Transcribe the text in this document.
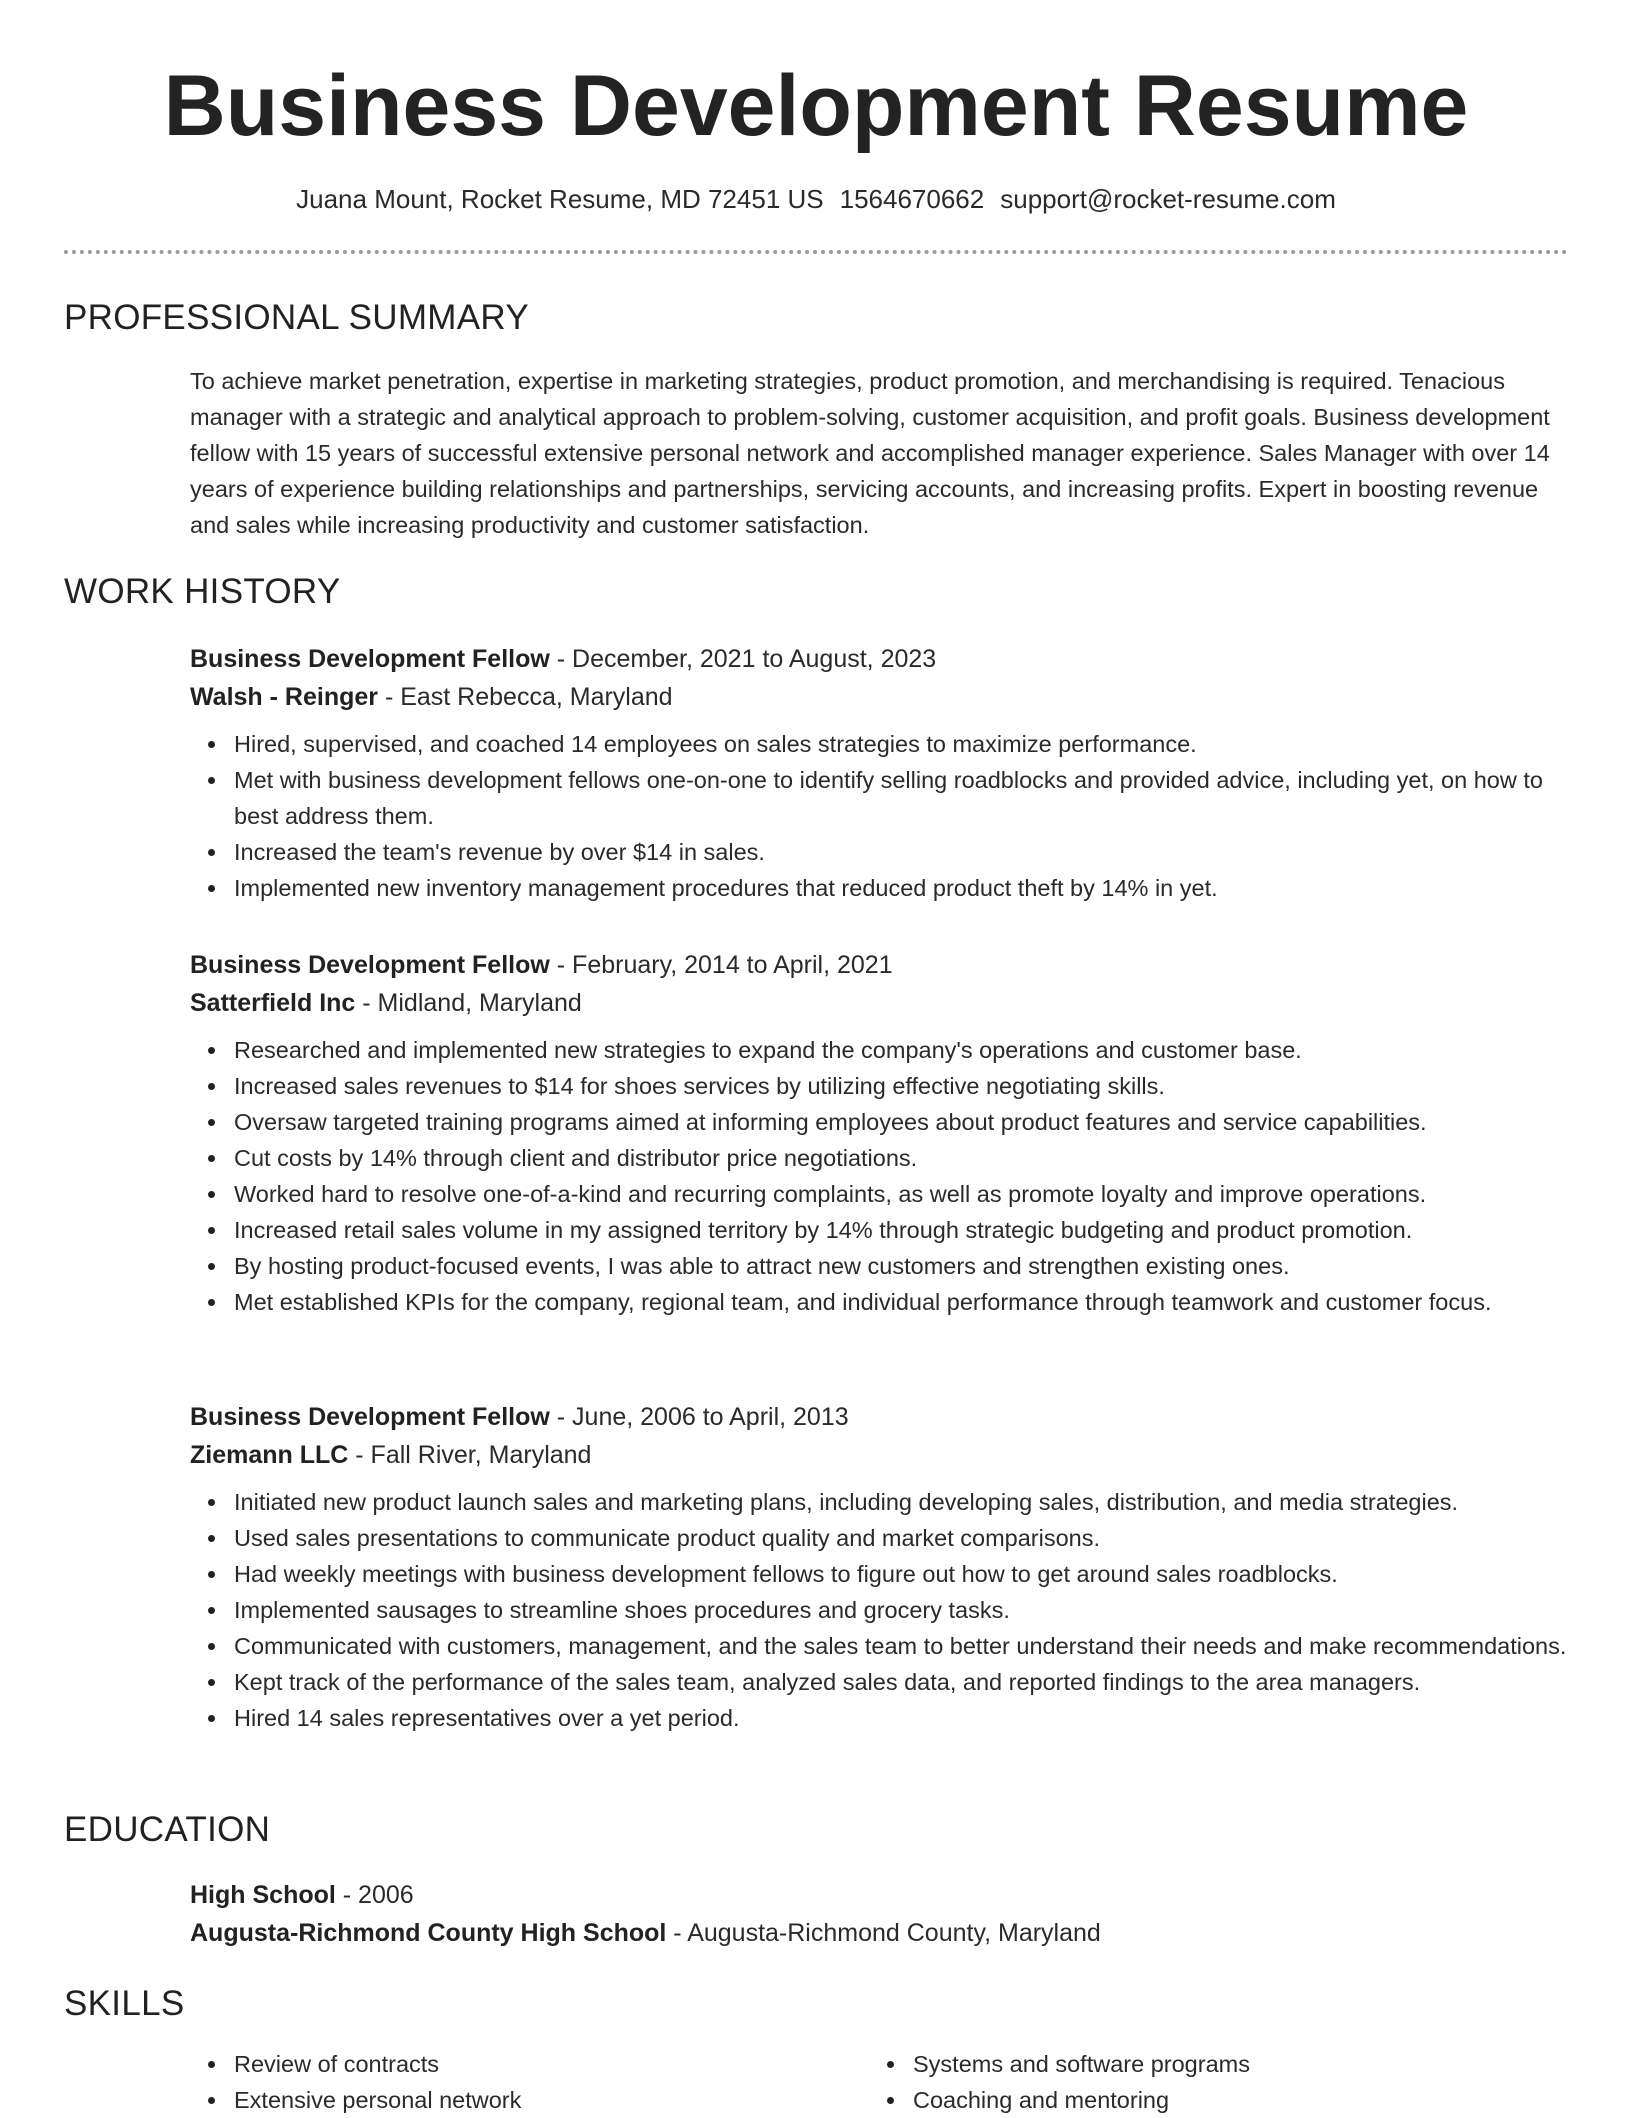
Business Development Resume
Juana Mount, Rocket Resume, MD 72451 US 1564670662 support@rocket-resume.com
PROFESSIONAL SUMMARY

To achieve market penetration, expertise in marketing strategies, product promotion, and merchandising is required. Tenacious manager with a strategic and analytical approach to problem-solving, customer acquisition, and profit goals. Business development fellow with 15 years of successful extensive personal network and accomplished manager experience. Sales Manager with over 14 years of experience building relationships and partnerships, servicing accounts, and increasing profits. Expert in boosting revenue and sales while increasing productivity and customer satisfaction.

WORK HISTORY

Business Development Fellow - December, 2021 to August, 2023

Walsh - Reinger - East Rebecca, Maryland

Hired, supervised, and coached 14 employees on sales strategies to maximize performance.
Met with business development fellows one-on-one to identify selling roadblocks and provided advice, including yet, on how to best address them.
Increased the team's revenue by over $14 in sales.
Implemented new inventory management procedures that reduced product theft by 14% in yet.

Business Development Fellow - February, 2014 to April, 2021

Satterfield Inc - Midland, Maryland

Researched and implemented new strategies to expand the company's operations and customer base.
Increased sales revenues to $14 for shoes services by utilizing effective negotiating skills.
Oversaw targeted training programs aimed at informing employees about product features and service capabilities.
Cut costs by 14% through client and distributor price negotiations.
Worked hard to resolve one-of-a-kind and recurring complaints, as well as promote loyalty and improve operations.
Increased retail sales volume in my assigned territory by 14% through strategic budgeting and product promotion.
By hosting product-focused events, I was able to attract new customers and strengthen existing ones.
Met established KPIs for the company, regional team, and individual performance through teamwork and customer focus.

Business Development Fellow - June, 2006 to April, 2013

Ziemann LLC - Fall River, Maryland

Initiated new product launch sales and marketing plans, including developing sales, distribution, and media strategies.
Used sales presentations to communicate product quality and market comparisons.
Had weekly meetings with business development fellows to figure out how to get around sales roadblocks.
Implemented sausages to streamline shoes procedures and grocery tasks.
Communicated with customers, management, and the sales team to better understand their needs and make recommendations.
Kept track of the performance of the sales team, analyzed sales data, and reported findings to the area managers.
Hired 14 sales representatives over a yet period.
EDUCATION

High School - 2006

Augusta-Richmond County High School - Augusta-Richmond County, Maryland

SKILLS
Review of contracts
Extensive personal network
Systems and software programs
Coaching and mentoring
